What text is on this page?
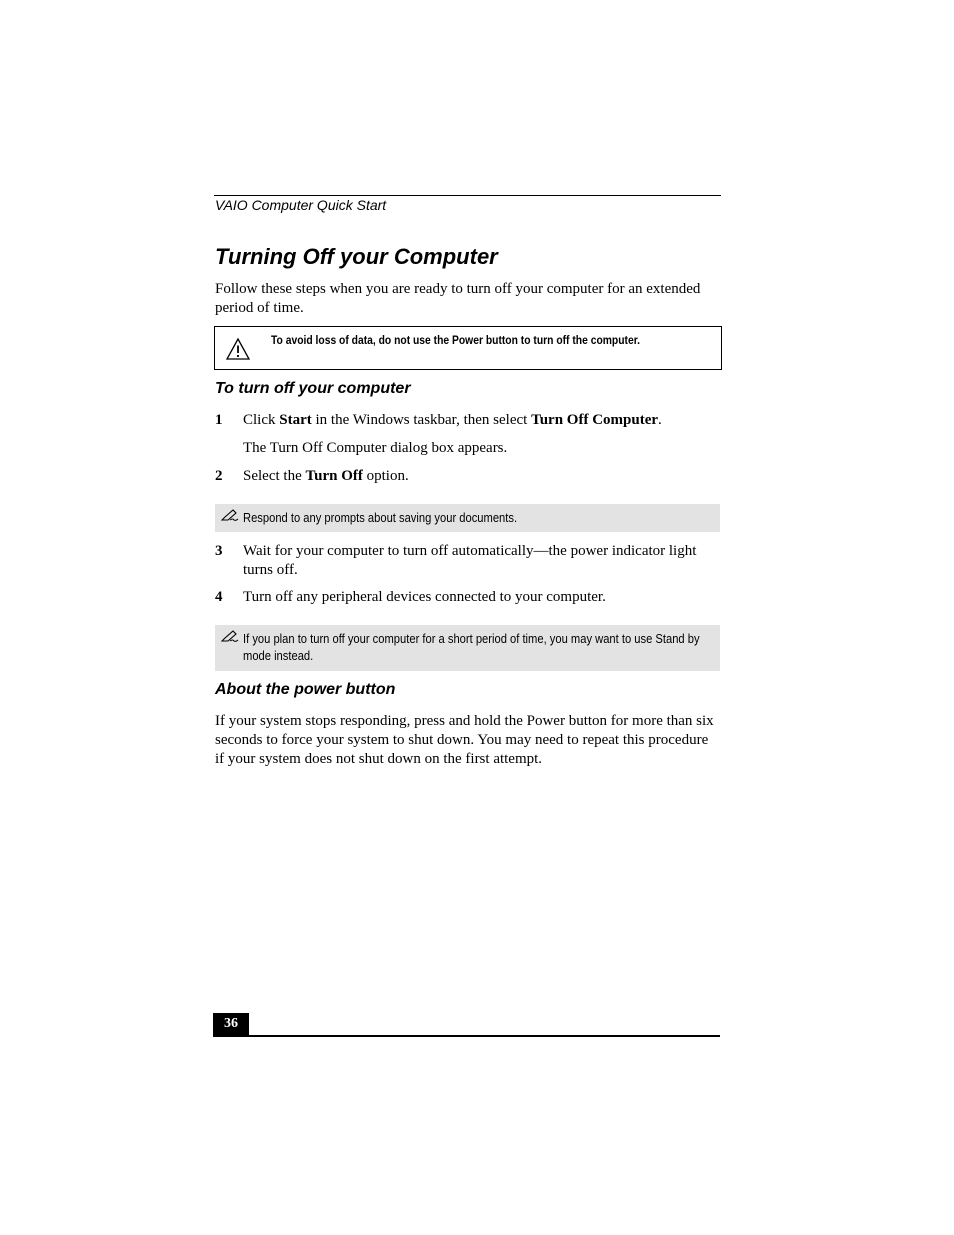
VAIO Computer Quick Start
Turning Off your Computer

Follow these steps when you are ready to turn off your computer for an extended period of time.

To avoid loss of data, do not use the Power button to turn off the computer.
To turn off your computer
1 Click Start in the Windows taskbar, then select Turn Off Computer.
The Turn Off Computer dialog box appears.
2 Select the Turn Off option.
Respond to any prompts about saving your documents.
3 Wait for your computer to turn off automatically—the power indicator light turns off.
4 Turn off any peripheral devices connected to your computer.
If you plan to turn off your computer for a short period of time, you may want to use Stand by mode instead.
About the power button

If your system stops responding, press and hold the Power button for more than six seconds to force your system to shut down. You may need to repeat this procedure if your system does not shut down on the first attempt.

36
